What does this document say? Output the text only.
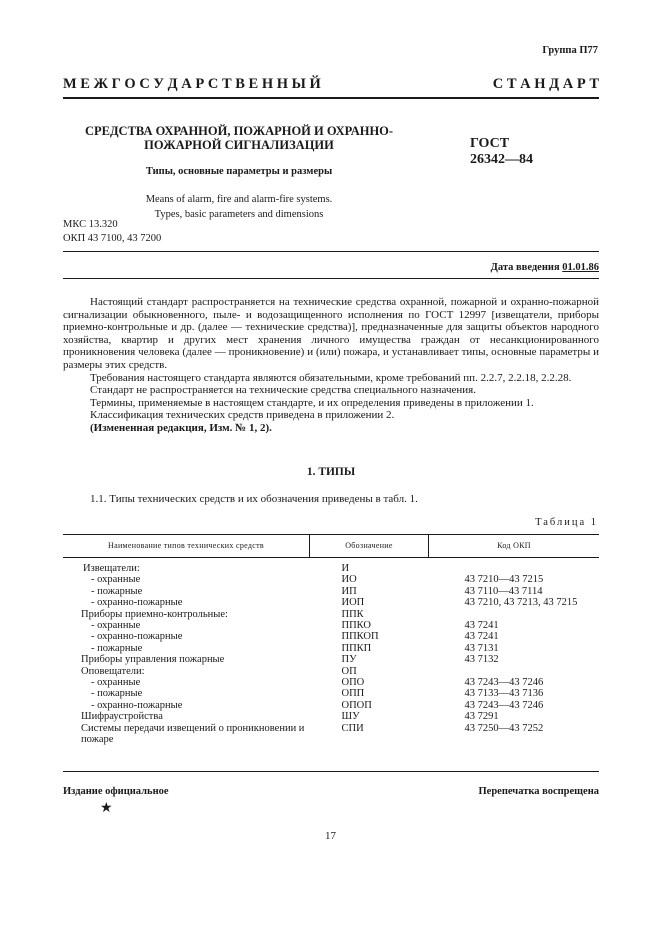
Группа П77
М Е Ж Г О С У Д А Р С Т В Е Н Н Ы Й	С Т А Н Д А Р Т
СРЕДСТВА ОХРАННОЙ, ПОЖАРНОЙ И ОХРАННО-
ПОЖАРНОЙ СИГНАЛИЗАЦИИ
Типы, основные параметры и размеры
Means of alarm, fire and alarm-fire systems.
Types, basic parameters and dimensions
ГОСТ
26342—84
МКС 13.320
ОКП 43 7100, 43 7200
Дата введения 01.01.86

Настоящий стандарт распространяется на технические средства охранной, пожарной и охранно-пожарной сигнализации обыкновенного, пыле- и водозащищенного исполнения по ГОСТ 12997 [извещатели, приборы приемно-контрольные и др. (далее — технические средства)], предназначенные для защиты объектов народного хозяйства, квартир и других мест хранения личного имущества граждан от несанкционированного проникновения человека (далее — проникновение) и (или) пожара, и устанавливает типы, основные параметры и размеры этих средств.

Требования настоящего стандарта являются обязательными, кроме требований пп. 2.2.7, 2.2.18, 2.2.28.

Стандарт не распространяется на технические средства специального назначения.

Термины, применяемые в настоящем стандарте, и их определения приведены в приложении 1.

Классификация технических средств приведена в приложении 2.

(Измененная редакция, Изм. № 1, 2).

1. ТИПЫ
1.1. Типы технических средств и их обозначения приведены в табл. 1.
Таблица 1
Наименование типов технических средств	Обозначение	Код ОКП
Извещатели:	И	
- охранные	ИО	43 7210—43 7215
- пожарные	ИП	43 7110—43 7114
- охранно-пожарные	ИОП	43 7210, 43 7213, 43 7215
Приборы приемно-контрольные:	ППК	
- охранные	ППКО	43 7241
- охранно-пожарные	ППКОП	43 7241
- пожарные	ППКП	43 7131
Приборы управления пожарные	ПУ	43 7132
Оповещатели:	ОП	
- охранные	ОПО	43 7243—43 7246
- пожарные	ОПП	43 7133—43 7136
- охранно-пожарные	ОПОП	43 7243—43 7246
Шифраустройства	ШУ	43 7291
Системы передачи извещений о проникновении и пожаре	СПИ	43 7250—43 7252
Издание официальное	Перепечатка воспрещена
★
17
